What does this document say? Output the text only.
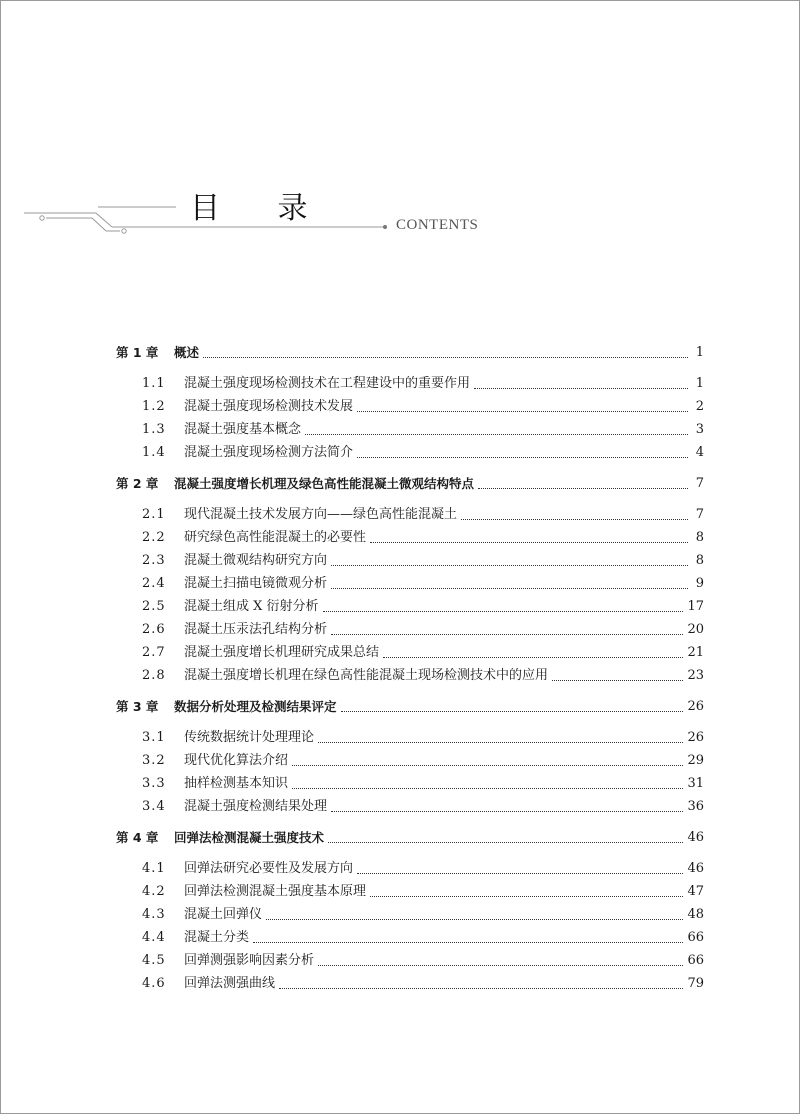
目 录	CONTENTS
第 1 章	概述	1
1.1	混凝土强度现场检测技术在工程建设中的重要作用	1
1.2	混凝土强度现场检测技术发展	2
1.3	混凝土强度基本概念	3
1.4	混凝土强度现场检测方法简介	4
第 2 章	混凝土强度增长机理及绿色高性能混凝土微观结构特点	7
2.1	现代混凝土技术发展方向——绿色高性能混凝土	7
2.2	研究绿色高性能混凝土的必要性	8
2.3	混凝土微观结构研究方向	8
2.4	混凝土扫描电镜微观分析	9
2.5	混凝土组成 X 衍射分析	17
2.6	混凝土压汞法孔结构分析	20
2.7	混凝土强度增长机理研究成果总结	21
2.8	混凝土强度增长机理在绿色高性能混凝土现场检测技术中的应用	23
第 3 章	数据分析处理及检测结果评定	26
3.1	传统数据统计处理理论	26
3.2	现代优化算法介绍	29
3.3	抽样检测基本知识	31
3.4	混凝土强度检测结果处理	36
第 4 章	回弹法检测混凝土强度技术	46
4.1	回弹法研究必要性及发展方向	46
4.2	回弹法检测混凝土强度基本原理	47
4.3	混凝土回弹仪	48
4.4	混凝土分类	66
4.5	回弹测强影响因素分析	66
4.6	回弹法测强曲线	79
